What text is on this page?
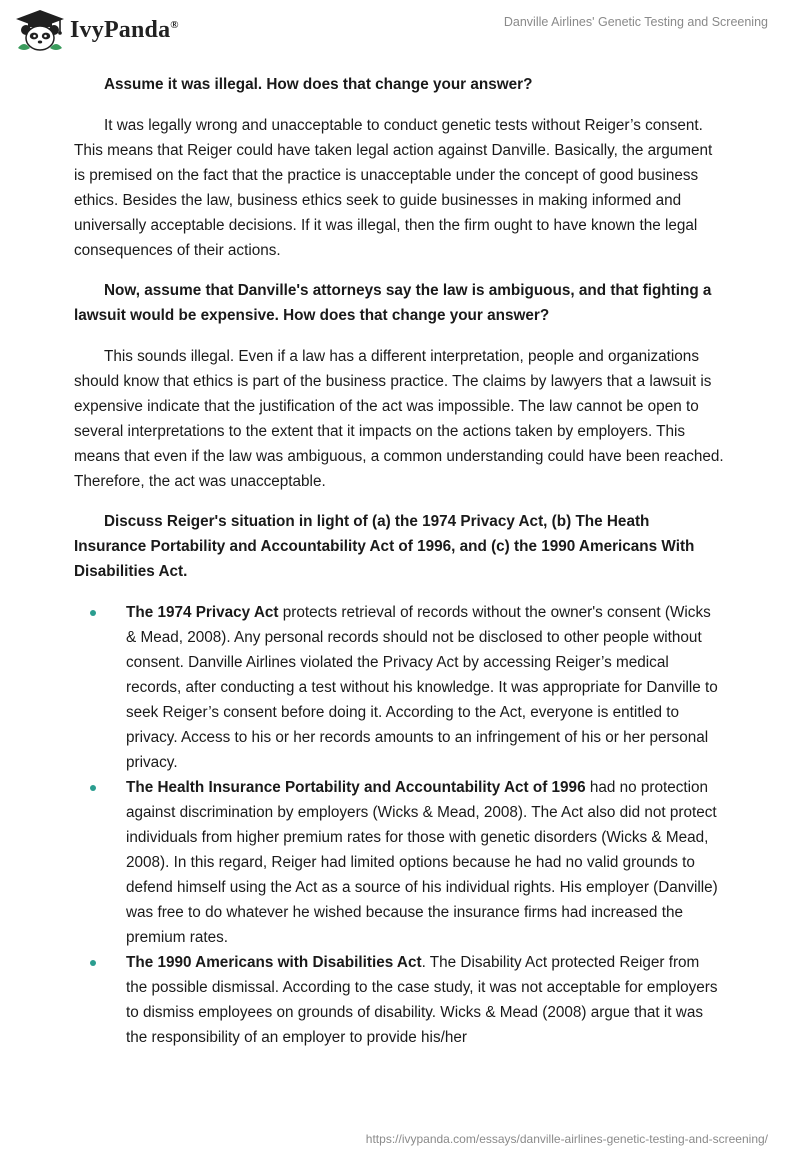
IvyPanda®	Danville Airlines' Genetic Testing and Screening

Assume it was illegal. How does that change your answer?

It was legally wrong and unacceptable to conduct genetic tests without Reiger’s consent. This means that Reiger could have taken legal action against Danville. Basically, the argument is premised on the fact that the practice is unacceptable under the concept of good business ethics. Besides the law, business ethics seek to guide businesses in making informed and universally acceptable decisions. If it was illegal, then the firm ought to have known the legal consequences of their actions.

Now, assume that Danville's attorneys say the law is ambiguous, and that fighting a lawsuit would be expensive. How does that change your answer?

This sounds illegal. Even if a law has a different interpretation, people and organizations should know that ethics is part of the business practice. The claims by lawyers that a lawsuit is expensive indicate that the justification of the act was impossible. The law cannot be open to several interpretations to the extent that it impacts on the actions taken by employers. This means that even if the law was ambiguous, a common understanding could have been reached. Therefore, the act was unacceptable.

Discuss Reiger's situation in light of (a) the 1974 Privacy Act, (b) The Heath Insurance Portability and Accountability Act of 1996, and (c) the 1990 Americans With Disabilities Act.

The 1974 Privacy Act protects retrieval of records without the owner's consent (Wicks & Mead, 2008). Any personal records should not be disclosed to other people without consent. Danville Airlines violated the Privacy Act by accessing Reiger’s medical records, after conducting a test without his knowledge. It was appropriate for Danville to seek Reiger’s consent before doing it. According to the Act, everyone is entitled to privacy. Access to his or her records amounts to an infringement of his or her personal privacy.
The Health Insurance Portability and Accountability Act of 1996 had no protection against discrimination by employers (Wicks & Mead, 2008). The Act also did not protect individuals from higher premium rates for those with genetic disorders (Wicks & Mead, 2008). In this regard, Reiger had limited options because he had no valid grounds to defend himself using the Act as a source of his individual rights. His employer (Danville) was free to do whatever he wished because the insurance firms had increased the premium rates.
The 1990 Americans with Disabilities Act. The Disability Act protected Reiger from the possible dismissal. According to the case study, it was not acceptable for employers to dismiss employees on grounds of disability. Wicks & Mead (2008) argue that it was the responsibility of an employer to provide his/her
https://ivypanda.com/essays/danville-airlines-genetic-testing-and-screening/
